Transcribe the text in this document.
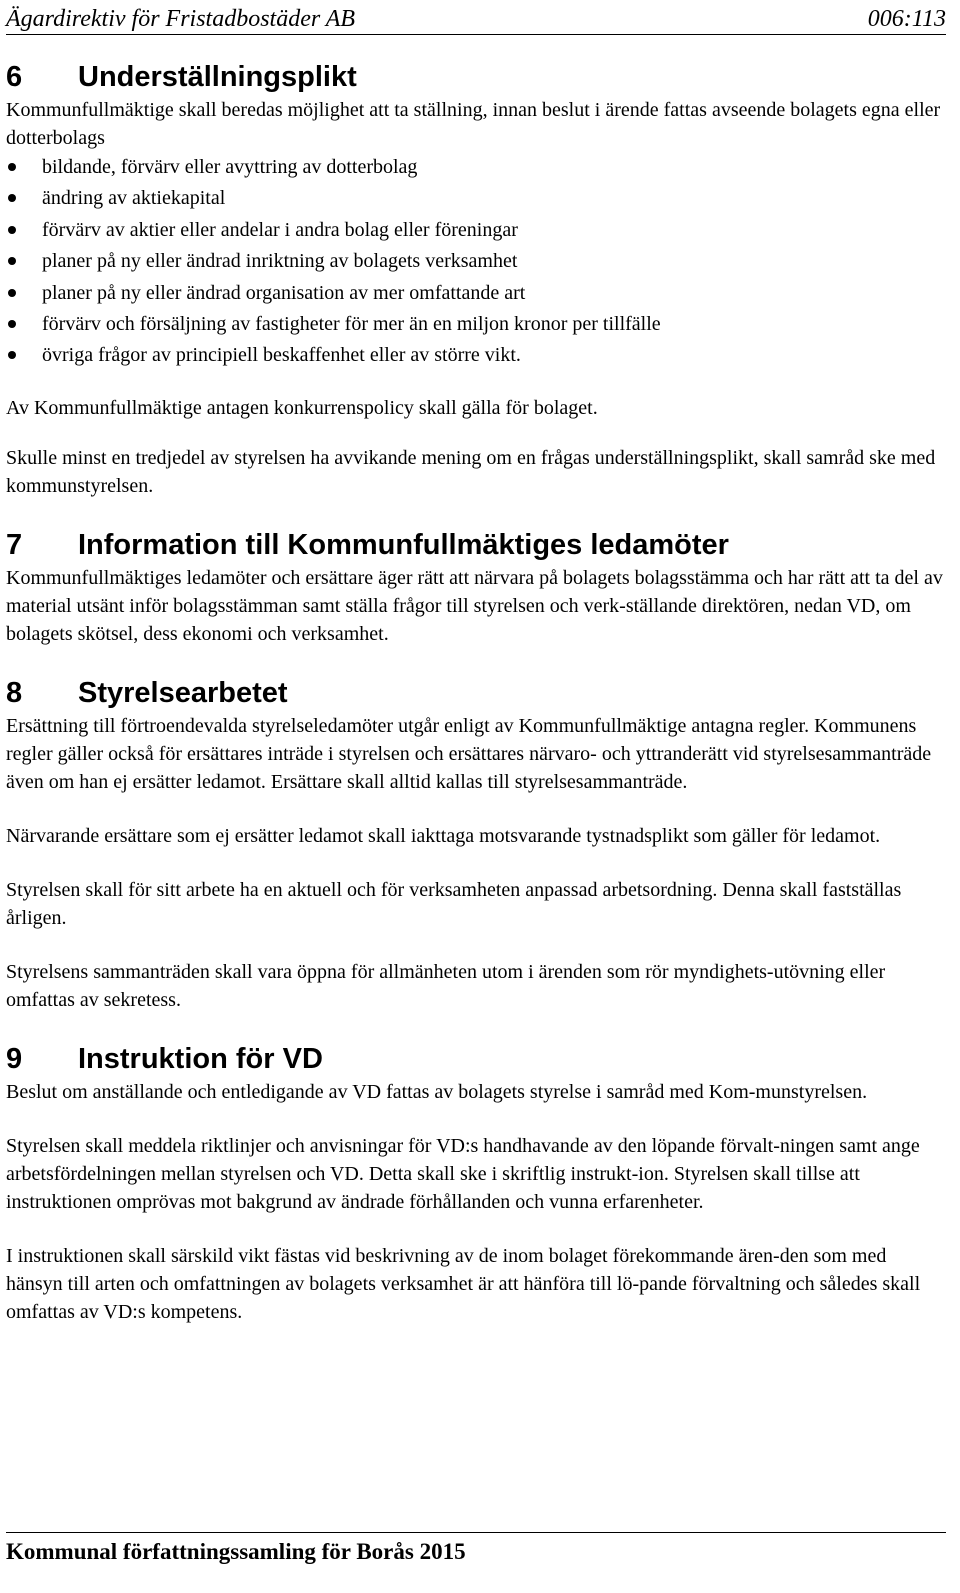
Ägardirektiv för Fristadbostäder AB	006:113
6 Underställningsplikt

Kommunfullmäktige skall beredas möjlighet att ta ställning, innan beslut i ärende fattas avseende bolagets egna eller dotterbolags

bildande, förvärv eller avyttring av dotterbolag
ändring av aktiekapital
förvärv av aktier eller andelar i andra bolag eller föreningar
planer på ny eller ändrad inriktning av bolagets verksamhet
planer på ny eller ändrad organisation av mer omfattande art
förvärv och försäljning av fastigheter för mer än en miljon kronor per tillfälle
övriga frågor av principiell beskaffenhet eller av större vikt.

Av Kommunfullmäktige antagen konkurrenspolicy skall gälla för bolaget.

Skulle minst en tredjedel av styrelsen ha avvikande mening om en frågas underställningsplikt, skall samråd ske med kommunstyrelsen.

7 Information till Kommunfullmäktiges ledamöter

Kommunfullmäktiges ledamöter och ersättare äger rätt att närvara på bolagets bolagsstämma och har rätt att ta del av material utsänt inför bolagsstämman samt ställa frågor till styrelsen och verk-ställande direktören, nedan VD, om bolagets skötsel, dess ekonomi och verksamhet.

8 Styrelsearbetet

Ersättning till förtroendevalda styrelseledamöter utgår enligt av Kommunfullmäktige antagna regler. Kommunens regler gäller också för ersättares inträde i styrelsen och ersättares närvaro- och yttranderätt vid styrelsesammanträde även om han ej ersätter ledamot. Ersättare skall alltid kallas till styrelsesammanträde.

Närvarande ersättare som ej ersätter ledamot skall iakttaga motsvarande tystnadsplikt som gäller för ledamot.

Styrelsen skall för sitt arbete ha en aktuell och för verksamheten anpassad arbetsordning. Denna skall fastställas årligen.

Styrelsens sammanträden skall vara öppna för allmänheten utom i ärenden som rör myndighets-utövning eller omfattas av sekretess.

9 Instruktion för VD

Beslut om anställande och entledigande av VD fattas av bolagets styrelse i samråd med Kom-munstyrelsen.

Styrelsen skall meddela riktlinjer och anvisningar för VD:s handhavande av den löpande förvalt-ningen samt ange arbetsfördelningen mellan styrelsen och VD. Detta skall ske i skriftlig instrukt-ion. Styrelsen skall tillse att instruktionen omprövas mot bakgrund av ändrade förhållanden och vunna erfarenheter.

I instruktionen skall särskild vikt fästas vid beskrivning av de inom bolaget förekommande ären-den som med hänsyn till arten och omfattningen av bolagets verksamhet är att hänföra till lö-pande förvaltning och således skall omfattas av VD:s kompetens.

Kommunal författningssamling för Borås 2015
